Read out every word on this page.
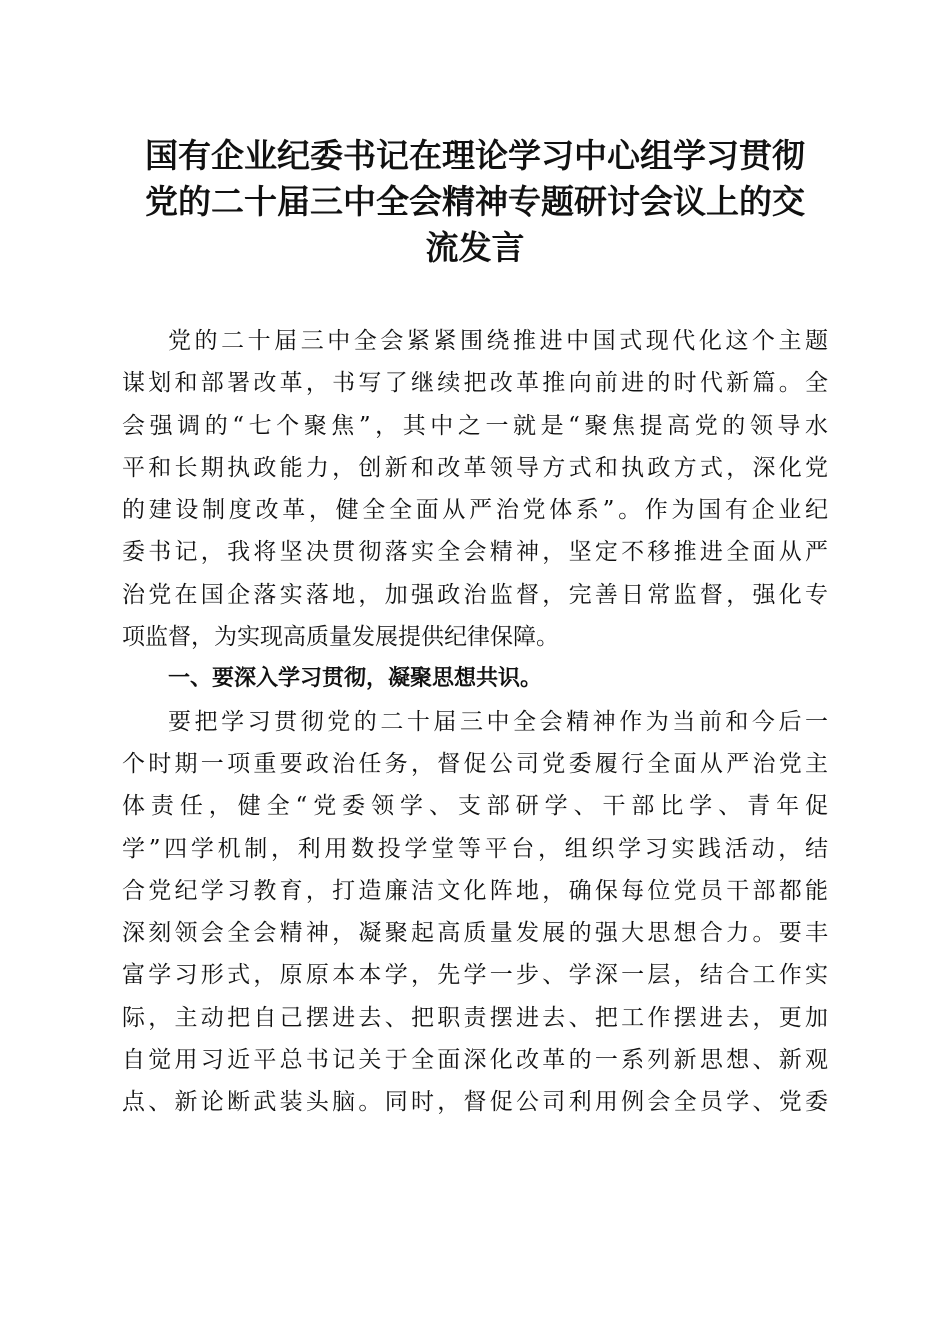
国有企业纪委书记在理论学习中心组学习贯彻
党的二十届三中全会精神专题研讨会议上的交
流发言
党的二十届三中全会紧紧围绕推进中国式现代化这个主题
谋划和部署改革，书写了继续把改革推向前进的时代新篇。全
会强调的“七个聚焦”，其中之一就是“聚焦提高党的领导水
平和长期执政能力，创新和改革领导方式和执政方式，深化党
的建设制度改革，健全全面从严治党体系”。作为国有企业纪
委书记，我将坚决贯彻落实全会精神，坚定不移推进全面从严
治党在国企落实落地，加强政治监督，完善日常监督，强化专
项监督，为实现高质量发展提供纪律保障。
一、要深入学习贯彻，凝聚思想共识。
要把学习贯彻党的二十届三中全会精神作为当前和今后一
个时期一项重要政治任务，督促公司党委履行全面从严治党主
体责任，健全“党委领学、支部研学、干部比学、青年促
学”四学机制，利用数投学堂等平台，组织学习实践活动，结
合党纪学习教育，打造廉洁文化阵地，确保每位党员干部都能
深刻领会全会精神，凝聚起高质量发展的强大思想合力。要丰
富学习形式，原原本本学，先学一步、学深一层，结合工作实
际，主动把自己摆进去、把职责摆进去、把工作摆进去，更加
自觉用习近平总书记关于全面深化改革的一系列新思想、新观
点、新论断武装头脑。同时，督促公司利用例会全员学、党委
